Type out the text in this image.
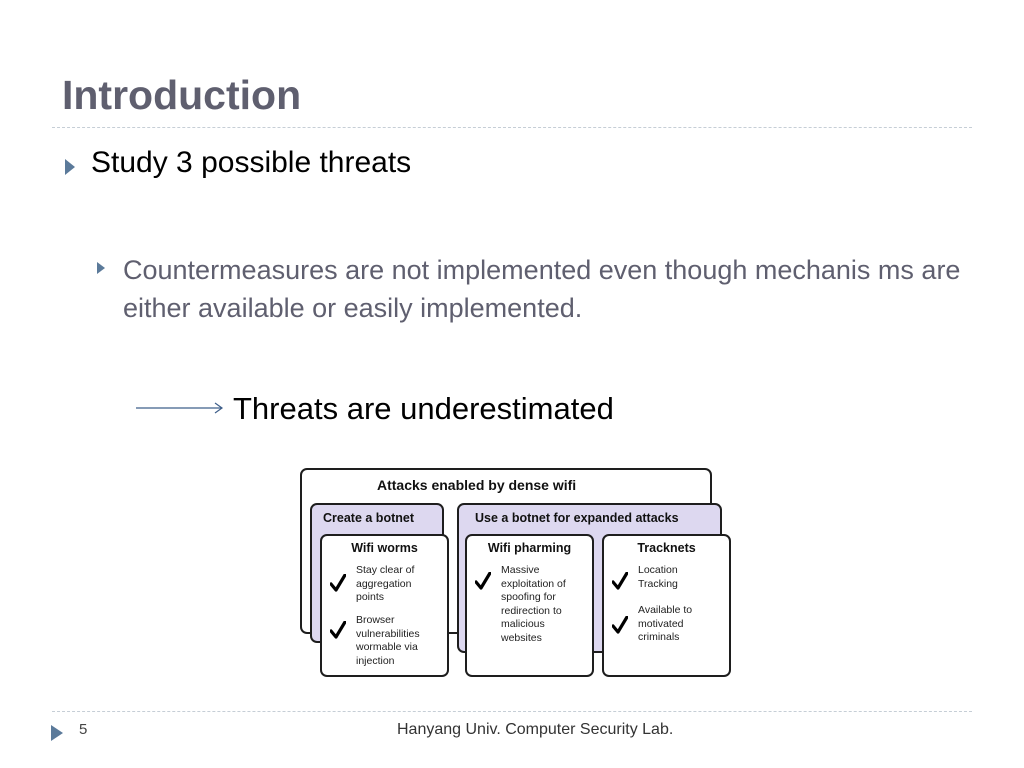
Introduction
Study 3 possible threats
Countermeasures are not implemented even though mechanis ms are either available or easily implemented.
Threats are underestimated
Attacks enabled by dense wifi
Create a botnet	Use a botnet for expanded attacks
Wifi worms
Stay clear of aggregation points
Browser vulnerabilities wormable via injection
Wifi pharming
Massive exploitation of spoofing for redirection to malicious websites
Tracknets
Location Tracking
Available to motivated criminals
5	Hanyang Univ. Computer Security Lab.
